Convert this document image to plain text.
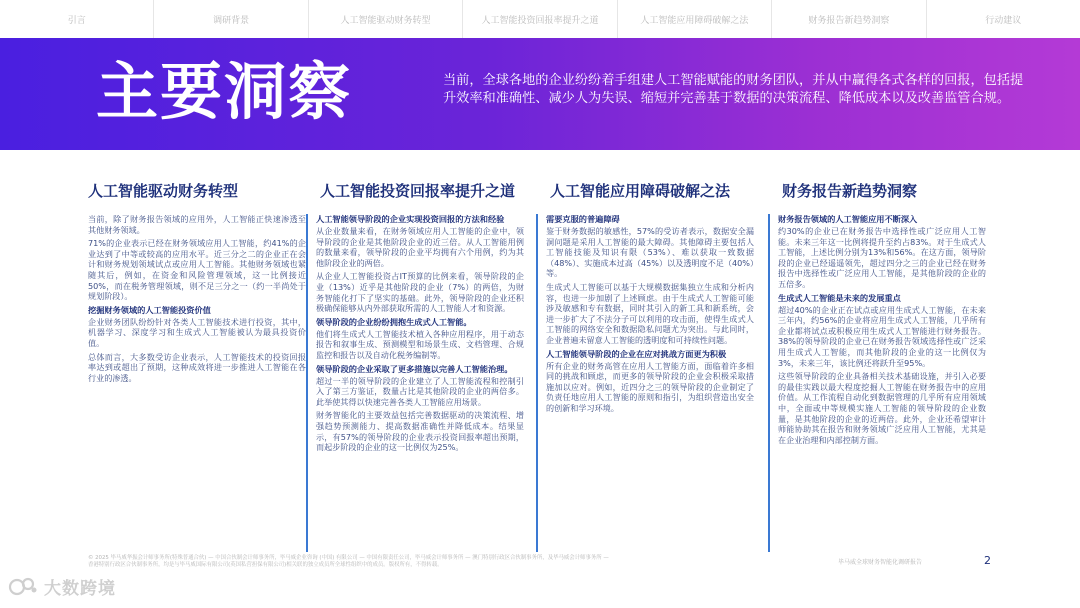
引言	调研背景	人工智能驱动财务转型	人工智能投资回报率提升之道	人工智能应用障碍破解之法	财务报告新趋势洞察	行动建议
主要洞察	当前，全球各地的企业纷纷着手组建人工智能赋能的财务团队，并从中赢得各式各样的回报，包括提升效率和准确性、减少人为失误、缩短并完善基于数据的决策流程、降低成本以及改善监管合规。

人工智能驱动财务转型

当前，除了财务报告领域的应用外，人工智能正快速渗透至其他财务领域。

71%的企业表示已经在财务领域应用人工智能，约41%的企业达到了中等或较高的应用水平。近三分之二的企业正在会计和财务规划领域试点或应用人工智能。其他财务领域也紧随其后，例如，在资金和风险管理领域，这一比例接近50%，而在税务管理领域，则不足三分之一（约一半尚处于规划阶段）。

挖掘财务领域的人工智能投资价值

企业财务团队纷纷针对各类人工智能技术进行投资，其中，机器学习、深度学习和生成式人工智能被认为最具投资价值。

总体而言，大多数受访企业表示，人工智能技术的投资回报率达到或超出了预期，这种成效将进一步推进人工智能在各行业的渗透。

人工智能投资回报率提升之道

人工智能领导阶段的企业实现投资回报的方法和经验

从企业数量来看，在财务领域应用人工智能的企业中，领导阶段的企业是其他阶段企业的近三倍。从人工智能用例的数量来看，领导阶段的企业平均拥有六个用例，约为其他阶段企业的两倍。

从企业人工智能投资占IT预算的比例来看，领导阶段的企业（13%）近乎是其他阶段的企业（7%）的两倍，为财务智能化打下了坚实的基础。此外，领导阶段的企业还积极确保能够从内外部获取所需的人工智能人才和资源。

领导阶段的企业纷纷拥抱生成式人工智能。

他们将生成式人工智能技术植入各种应用程序，用于动态报告和叙事生成、预测模型和场景生成、文档管理、合规监控和报告以及自动化税务编制等。

领导阶段的企业采取了更多措施以完善人工智能治理。

超过一半的领导阶段的企业建立了人工智能流程和控制引入了第三方鉴证，数量占比是其他阶段的企业的两倍多。此举使其得以快速完善各类人工智能应用场景。

财务智能化的主要效益包括完善数据驱动的决策流程、增强趋势预测能力、提高数据准确性并降低成本。结果显示，有57%的领导阶段的企业表示投资回报率超出预期，而起步阶段的企业的这一比例仅为25%。

人工智能应用障碍破解之法

需要克服的普遍障碍

鉴于财务数据的敏感性，57%的受访者表示，数据安全漏洞问题是采用人工智能的最大障碍。其他障碍主要包括人工智能技能及知识有限（53%）、难以获取一致数据（48%）、实施成本过高（45%）以及透明度不足（40%）等。

生成式人工智能可以基于大规模数据集独立生成和分析内容，也进一步加剧了上述顾虑。由于生成式人工智能可能涉及敏感和专有数据，同时其引入的新工具和新系统，会进一步扩大了不法分子可以利用的攻击面，使得生成式人工智能的网络安全和数据隐私问题尤为突出。与此同时，企业普遍未留意人工智能的透明度和可持续性问题。

人工智能领导阶段的企业在应对挑战方面更为积极

所有企业的财务高管在应用人工智能方面，面临着许多相同的挑战和顾虑，而更多的领导阶段的企业会积极采取措施加以应对。例如，近四分之三的领导阶段的企业制定了负责任地应用人工智能的原则和指引，为组织营造出安全的创新和学习环境。

财务报告新趋势洞察

财务报告领域的人工智能应用不断深入

约30%的企业已在财务报告中选择性或广泛应用人工智能。未来三年这一比例将提升至约占83%。对于生成式人工智能，上述比例分别为13%和56%。在这方面，领导阶段的企业已经遥遥领先，超过四分之三的企业已经在财务报告中选择性或广泛应用人工智能，是其他阶段的企业的五倍多。

生成式人工智能是未来的发展重点

超过40%的企业正在试点或应用生成式人工智能，在未来三年内，约56%的企业将应用生成式人工智能，几乎所有企业都将试点或积极应用生成式人工智能进行财务报告。38%的领导阶段的企业已在财务报告领域选择性或广泛采用生成式人工智能，而其他阶段的企业的这一比例仅为3%，未来三年，该比例还将跃升至95%。

这些领导阶段的企业具备相关技术基础设施，并引入必要的最佳实践以最大程度挖掘人工智能在财务报告中的应用价值。从工作流程自动化到数据管理的几乎所有应用领域中，全面或中等规模实施人工智能的领导阶段的企业数量，是其他阶段的企业的近两倍。此外，企业还希望审计师能协助其在报告和财务领域广泛应用人工智能，尤其是在企业治理和内部控制方面。

© 2025 毕马威华振会计师事务所(特殊普通合伙) — 中国合伙制会计师事务所，毕马威企业咨询 (中国) 有限公司 — 中国有限责任公司，毕马威会计师事务所 — 澳门特别行政区合伙制事务所，及毕马威会计师事务所 —
香港特别行政区合伙制事务所，均是与毕马威国际有限公司(英国私营担保有限公司)相关联的独立成员所全球性组织中的成员。版权所有，不得转载。	毕马威全球财务智能化调研报告	2
大数跨境
